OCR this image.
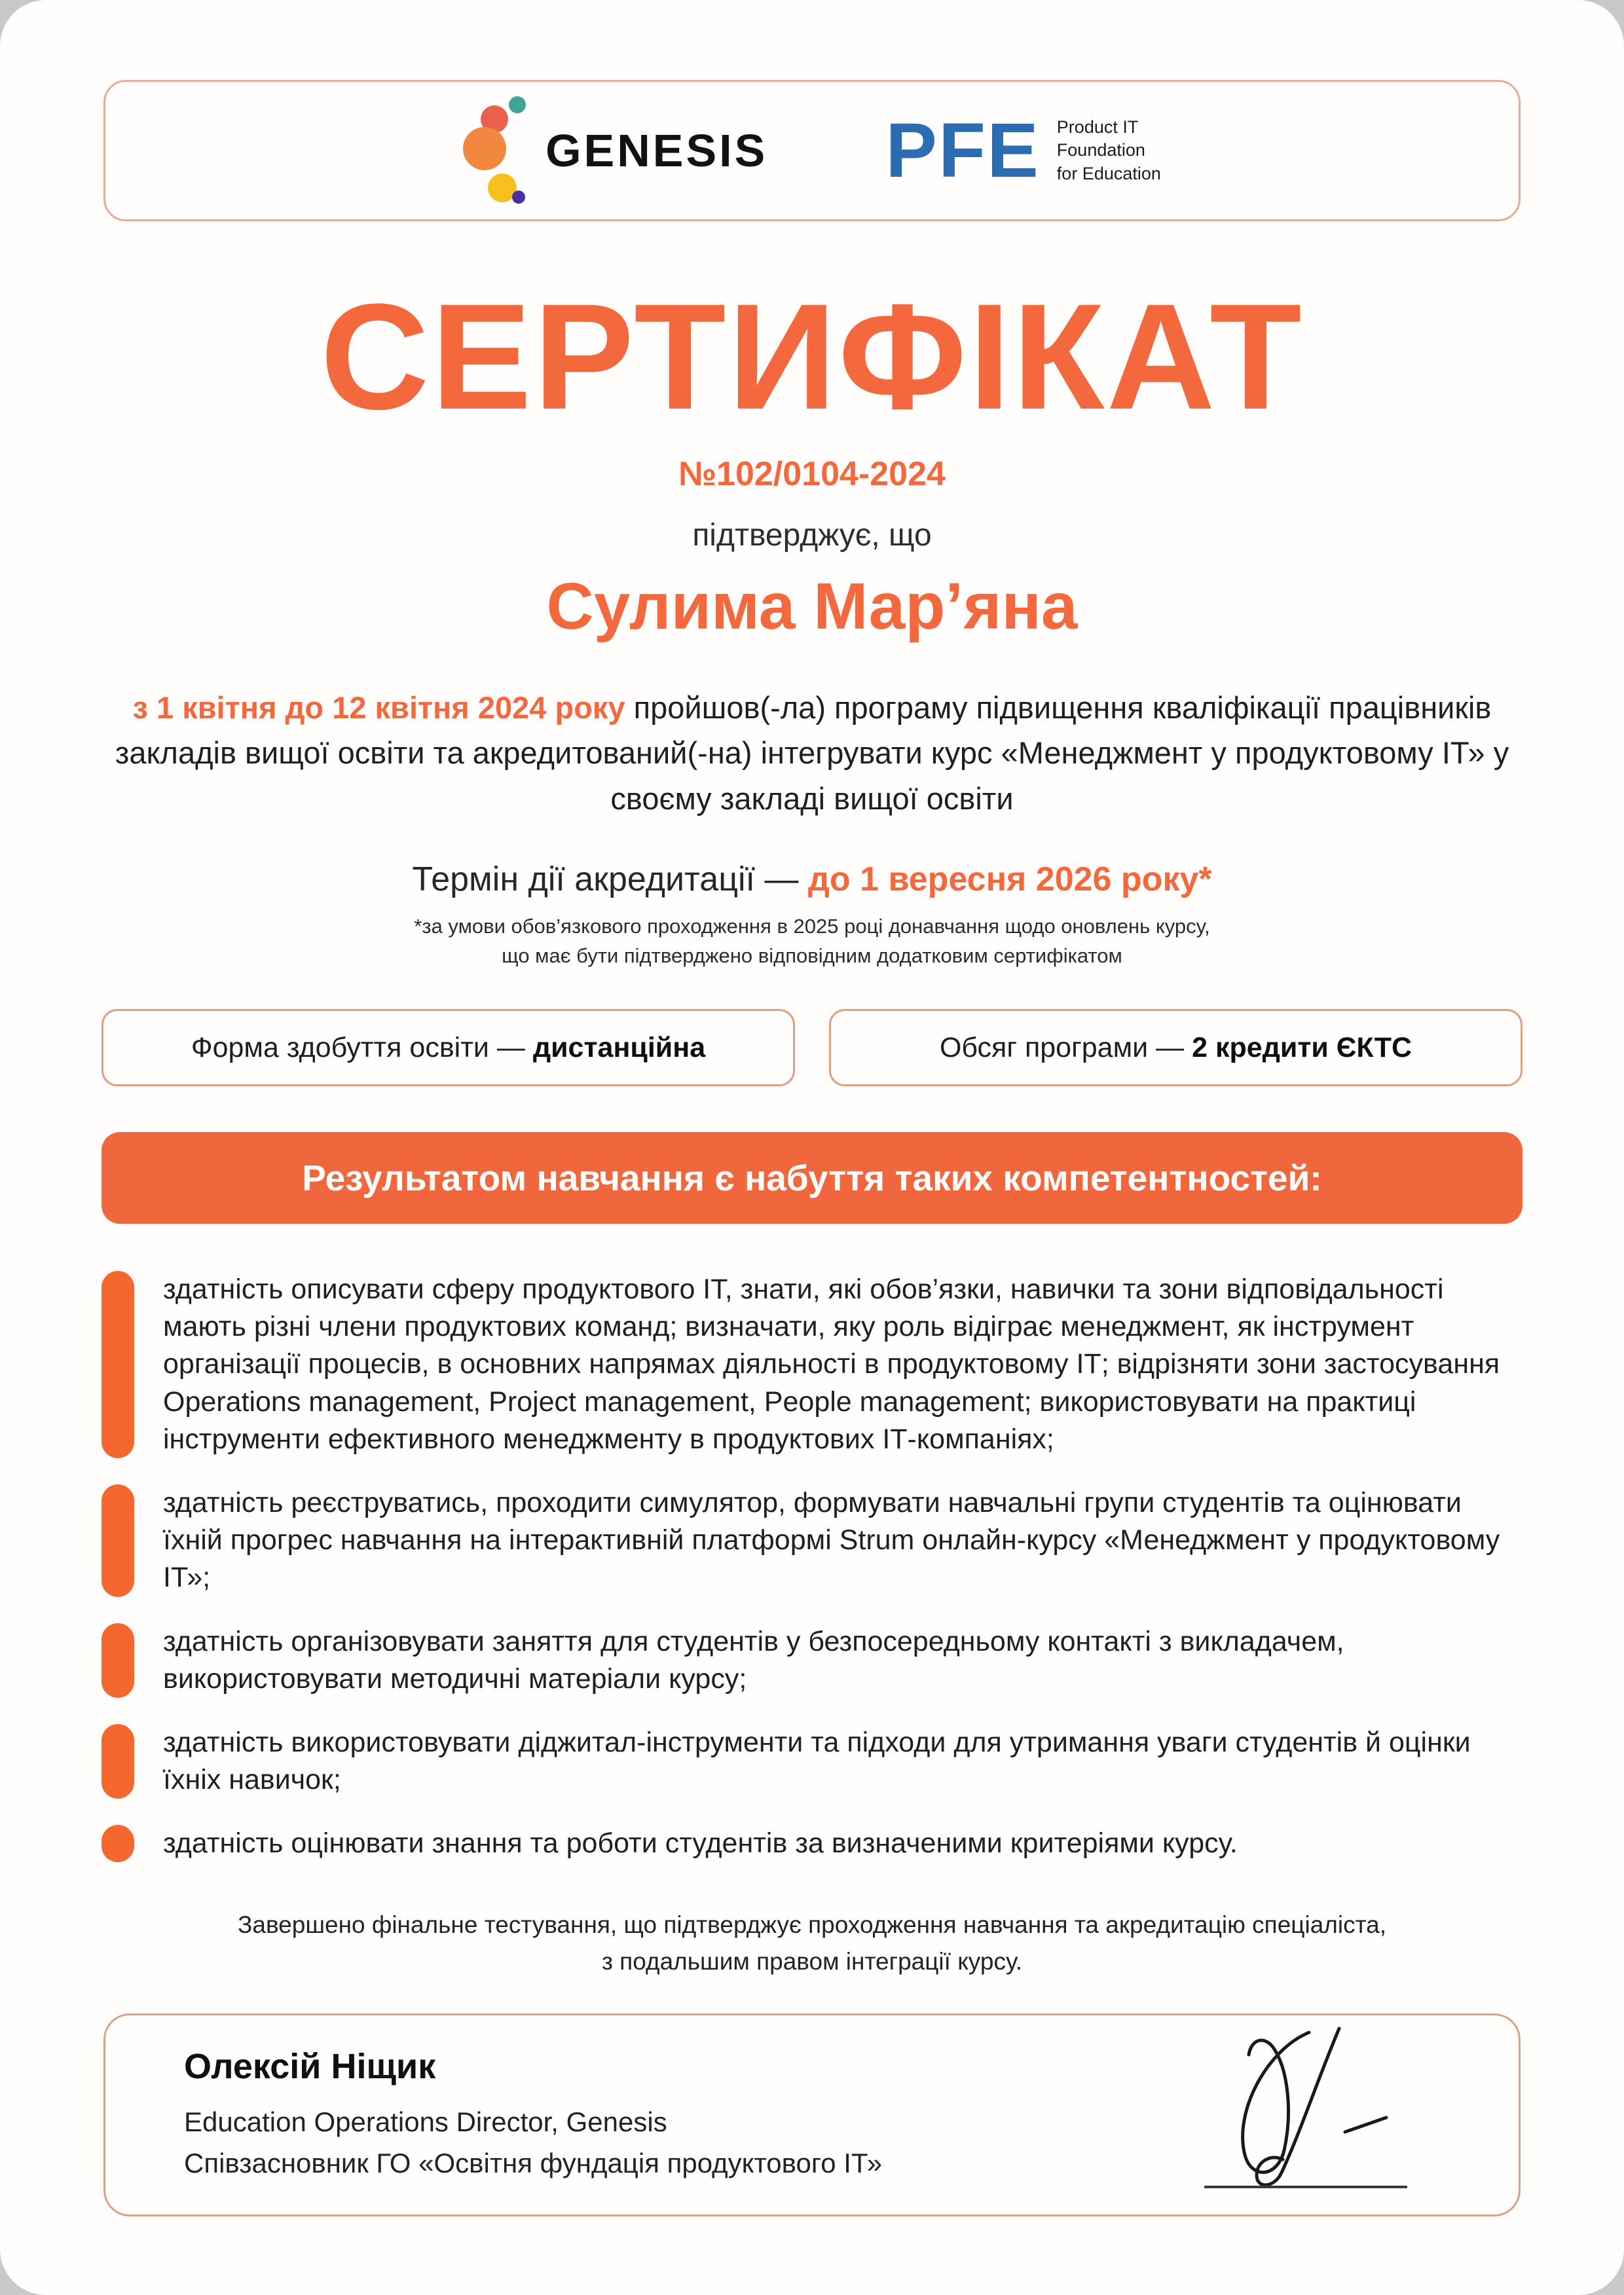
GENESIS PFE Product IT
Foundation
for Education
СЕРТИФІКАТ
№102/0104-2024
підтверджує, що
Сулима Мар’яна
з 1 квітня до 12 квітня 2024 року пройшов(-ла) програму підвищення кваліфікації працівників закладів вищої освіти та акредитований(-на) інтегрувати курс «Менеджмент у продуктовому ІТ» у своєму закладі вищої освіти
Термін дії акредитації — до 1 вересня 2026 року*
*за умови обов’язкового проходження в 2025 році донавчання щодо оновлень курсу,
що має бути підтверджено відповідним додатковим сертифікатом
Форма здобуття освіти — дистанційна	Обсяг програми — 2 кредити ЄКТС
Результатом навчання є набуття таких компетентностей:
здатність описувати сферу продуктового ІТ, знати, які обов’язки, навички та зони відповідальності мають різні члени продуктових команд; визначати, яку роль відіграє менеджмент, як інструмент організації процесів, в основних напрямах діяльності в продуктовому ІТ; відрізняти зони застосування Operations management, Project management, People management; використовувати на практиці інструменти ефективного менеджменту в продуктових ІТ-компаніях;
здатність реєструватись, проходити симулятор, формувати навчальні групи студентів та оцінювати їхній прогрес навчання на інтерактивній платформі Strum онлайн-курсу «Менеджмент у продуктовому ІТ»;
здатність організовувати заняття для студентів у безпосередньому контакті з викладачем, використовувати методичні матеріали курсу;
здатність використовувати діджитал-інструменти та підходи для утримання уваги студентів й оцінки їхніх навичок;
здатність оцінювати знання та роботи студентів за визначеними критеріями курсу.
Завершено фінальне тестування, що підтверджує проходження навчання та акредитацію спеціаліста,
з подальшим правом інтеграції курсу.
Олексій Ніщик
Education Operations Director, Genesis
Співзасновник ГО «Освітня фундація продуктового ІТ»
